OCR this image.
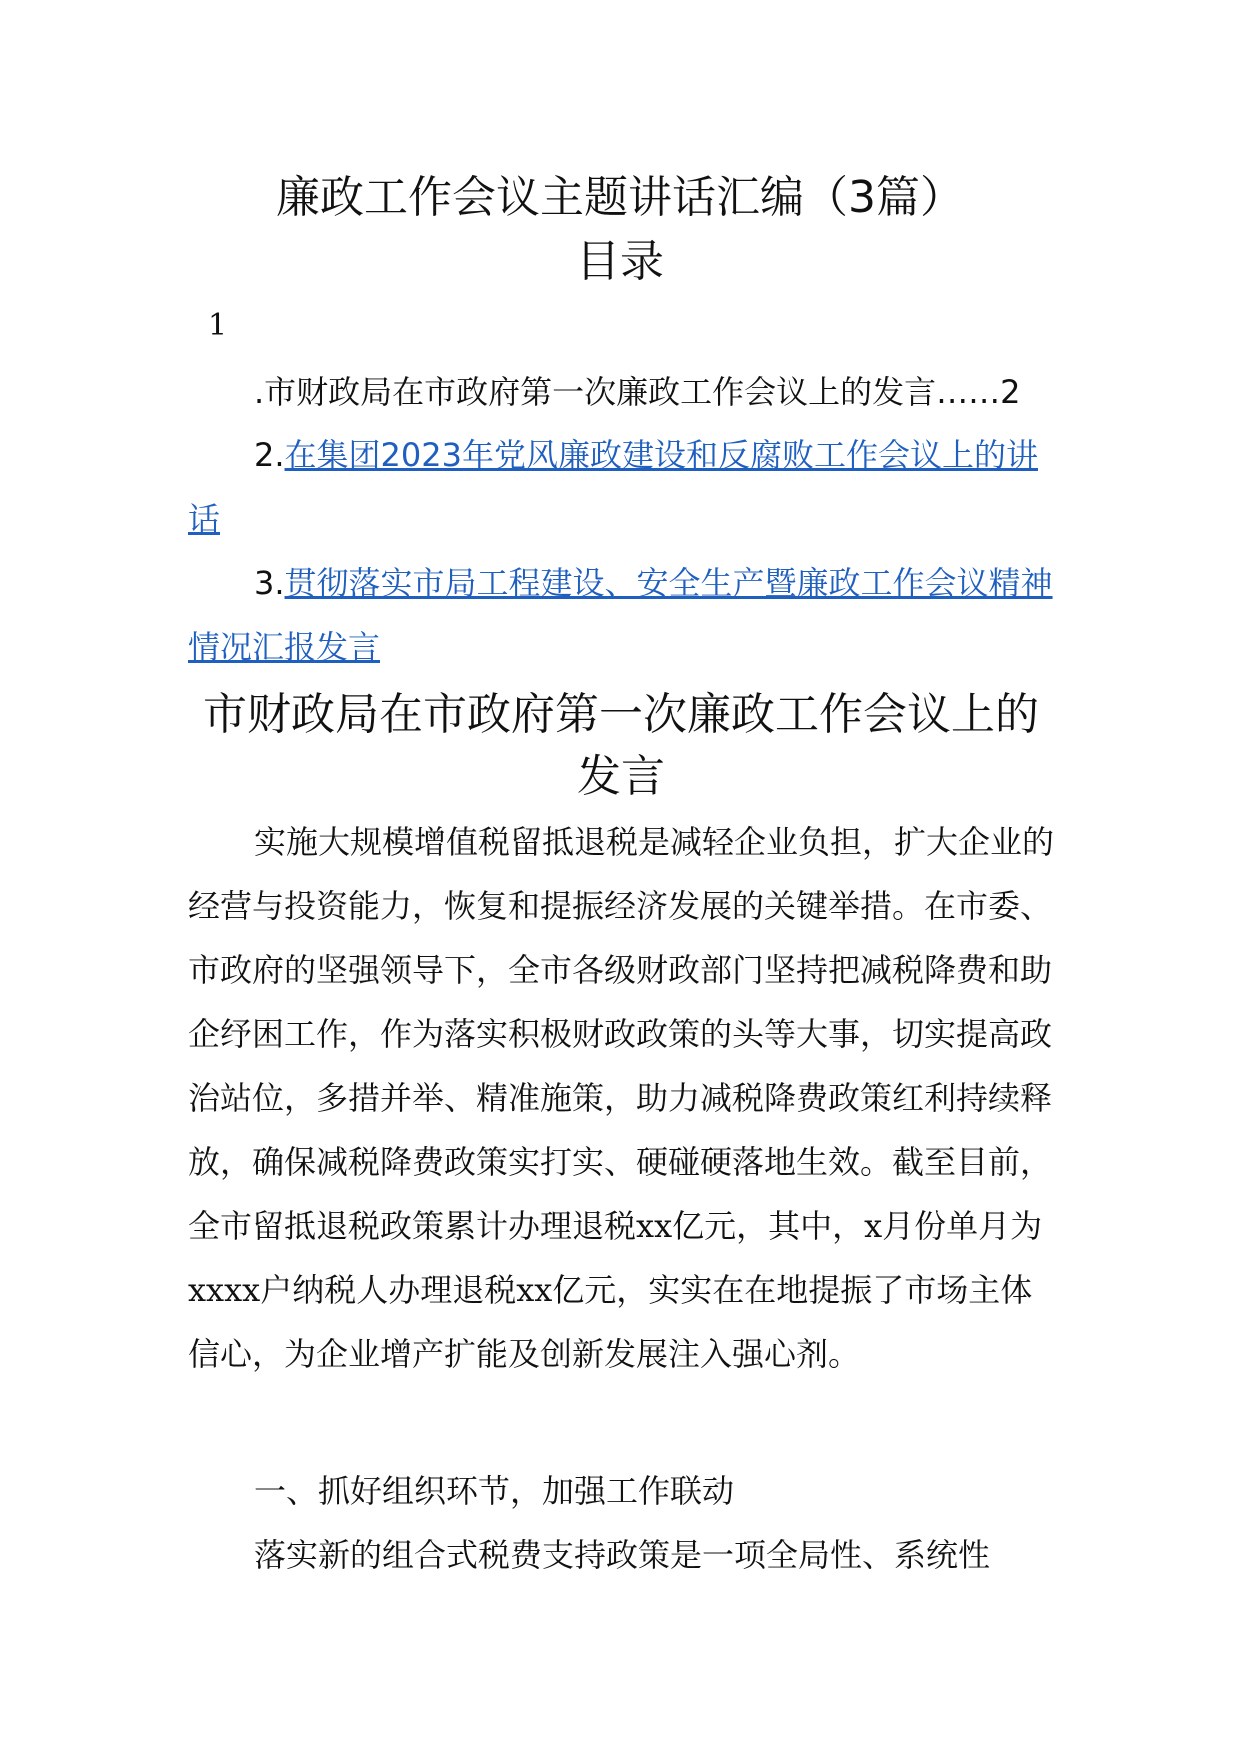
廉政工作会议主题讲话汇编（3篇）
目录
1

.市财政局在市政府第一次廉政工作会议上的发言……2

2.在集团2023年党风廉政建设和反腐败工作会议上的讲话

3.贯彻落实市局工程建设、安全生产暨廉政工作会议精神情况汇报发言

市财政局在市政府第一次廉政工作会议上的发言

实施大规模增值税留抵退税是减轻企业负担，扩大企业的经营与投资能力，恢复和提振经济发展的关键举措。在市委、市政府的坚强领导下，全市各级财政部门坚持把减税降费和助企纾困工作，作为落实积极财政政策的头等大事，切实提高政治站位，多措并举、精准施策，助力减税降费政策红利持续释放，确保减税降费政策实打实、硬碰硬落地生效。截至目前，全市留抵退税政策累计办理退税xx亿元，其中，x月份单月为xxxx户纳税人办理退税xx亿元，实实在在地提振了市场主体信心，为企业增产扩能及创新发展注入强心剂。

一、抓好组织环节，加强工作联动

落实新的组合式税费支持政策是一项全局性、系统性
